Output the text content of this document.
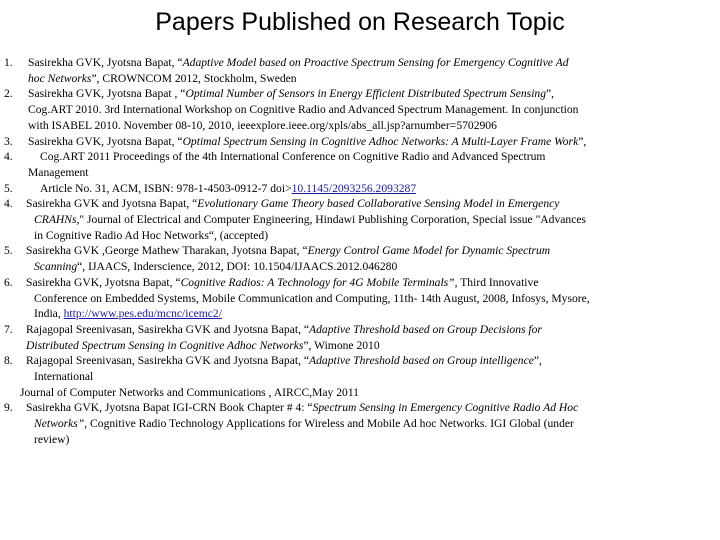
Papers Published on Research Topic
1.	Sasirekha GVK, Jyotsna Bapat, “Adaptive Model based on Proactive Spectrum Sensing for Emergency Cognitive Ad
hoc Networks”, CROWNCOM 2012, Stockholm, Sweden
2.	Sasirekha GVK, Jyotsna Bapat , “Optimal Number of Sensors in Energy Efficient Distributed Spectrum Sensing”,
Cog.ART 2010. 3rd International Workshop on Cognitive Radio and Advanced Spectrum Management. In conjunction
with ISABEL 2010. November 08-10, 2010, ieeexplore.ieee.org/xpls/abs_all.jsp?arnumber=5702906
3.	Sasirekha GVK, Jyotsna Bapat, “Optimal Spectrum Sensing in Cognitive Adhoc Networks: A Multi-Layer Frame Work”,
4.	Cog.ART 2011 Proceedings of the 4th International Conference on Cognitive Radio and Advanced Spectrum
Management
5.	Article No. 31, ACM, ISBN: 978-1-4503-0912-7 doi>10.1145/2093256.2093287
4.	Sasirekha GVK and Jyotsna Bapat, “Evolutionary Game Theory based Collaborative Sensing Model in Emergency
CRAHNs," Journal of Electrical and Computer Engineering, Hindawi Publishing Corporation, Special issue "Advances
in Cognitive Radio Ad Hoc Networks“, (accepted)
5.	Sasirekha GVK ,George Mathew Tharakan, Jyotsna Bapat, “Energy Control Game Model for Dynamic Spectrum
Scanning“, IJAACS, Inderscience, 2012, DOI: 10.1504/IJAACS.2012.046280
6.	Sasirekha GVK, Jyotsna Bapat, “Cognitive Radios: A Technology for 4G Mobile Terminals”, Third Innovative
Conference on Embedded Systems, Mobile Communication and Computing, 11th- 14th August, 2008, Infosys, Mysore,
India, http://www.pes.edu/mcnc/icemc2/
7.	Rajagopal Sreenivasan, Sasirekha GVK and Jyotsna Bapat, “Adaptive Threshold based on Group Decisions for
Distributed Spectrum Sensing in Cognitive Adhoc Networks”, Wimone 2010
8.	Rajagopal Sreenivasan, Sasirekha GVK and Jyotsna Bapat, “Adaptive Threshold based on Group intelligence”,
International
Journal of Computer Networks and Communications , AIRCC,May 2011
9.	Sasirekha GVK, Jyotsna Bapat IGI-CRN Book Chapter # 4: “Spectrum Sensing in Emergency Cognitive Radio Ad Hoc
Networks”, Cognitive Radio Technology Applications for Wireless and Mobile Ad hoc Networks. IGI Global (under
review)
